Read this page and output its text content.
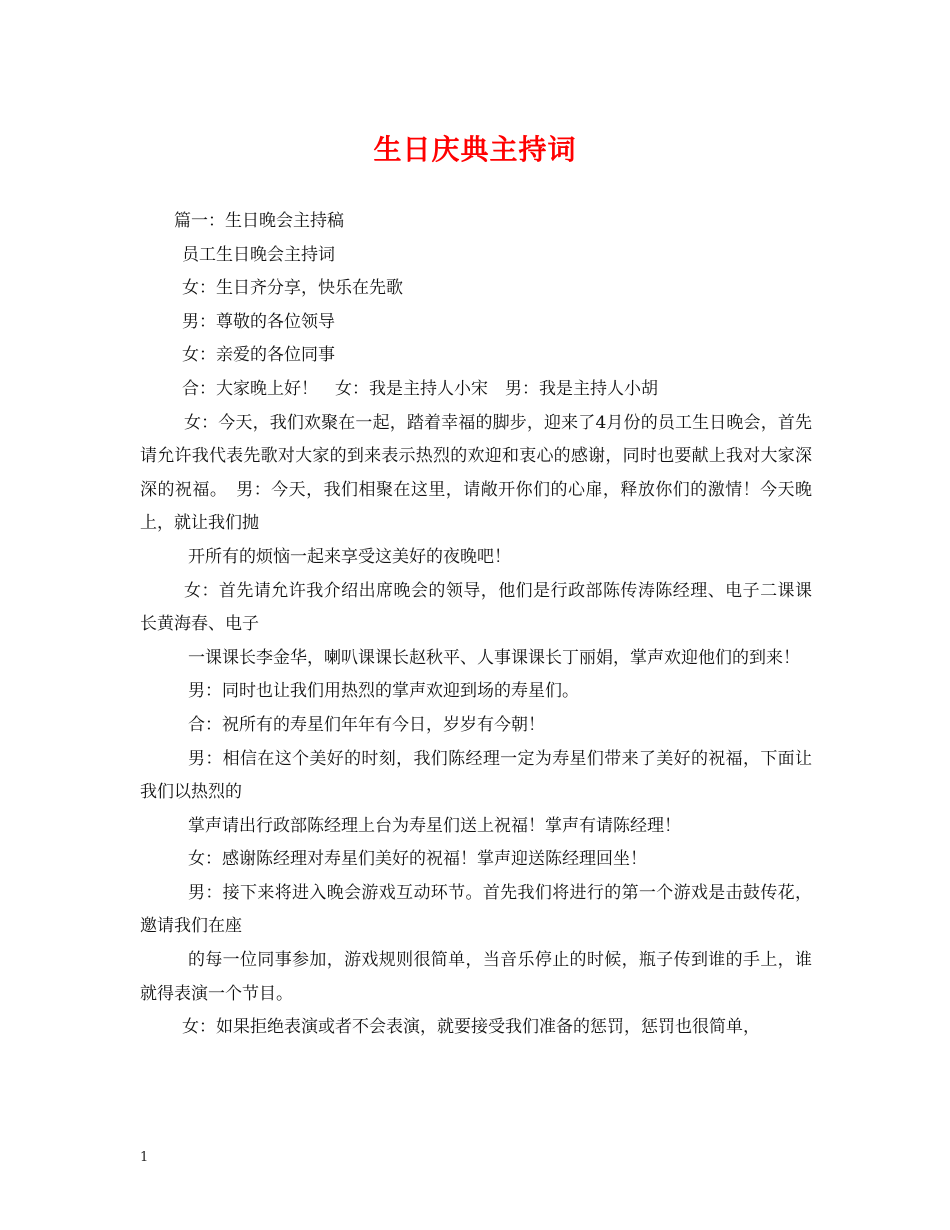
生日庆典主持词

篇一：生日晚会主持稿

员工生日晚会主持词

女：生日齐分享，快乐在先歌

男：尊敬的各位领导

女：亲爱的各位同事

合：大家晚上好！　女：我是主持人小宋　男：我是主持人小胡

女：今天，我们欢聚在一起，踏着幸福的脚步，迎来了4月份的员工生日晚会，首先请允许我代表先歌对大家的到来表示热烈的欢迎和衷心的感谢，同时也要献上我对大家深深的祝福。　男：今天，我们相聚在这里，请敞开你们的心扉，释放你们的激情！今天晚上，就让我们抛

开所有的烦恼一起来享受这美好的夜晚吧！

女：首先请允许我介绍出席晚会的领导，他们是行政部陈传涛陈经理、电子二课课长黄海春、电子

一课课长李金华，喇叭课课长赵秋平、人事课课长丁丽娟，掌声欢迎他们的到来！

男：同时也让我们用热烈的掌声欢迎到场的寿星们。

合：祝所有的寿星们年年有今日，岁岁有今朝！

男：相信在这个美好的时刻，我们陈经理一定为寿星们带来了美好的祝福，下面让我们以热烈的

掌声请出行政部陈经理上台为寿星们送上祝福！掌声有请陈经理！

女：感谢陈经理对寿星们美好的祝福！掌声迎送陈经理回坐！

男：接下来将进入晚会游戏互动环节。首先我们将进行的第一个游戏是击鼓传花，邀请我们在座

的每一位同事参加，游戏规则很简单，当音乐停止的时候，瓶子传到谁的手上，谁就得表演一个节目。

女：如果拒绝表演或者不会表演，就要接受我们准备的惩罚，惩罚也很简单，

1
